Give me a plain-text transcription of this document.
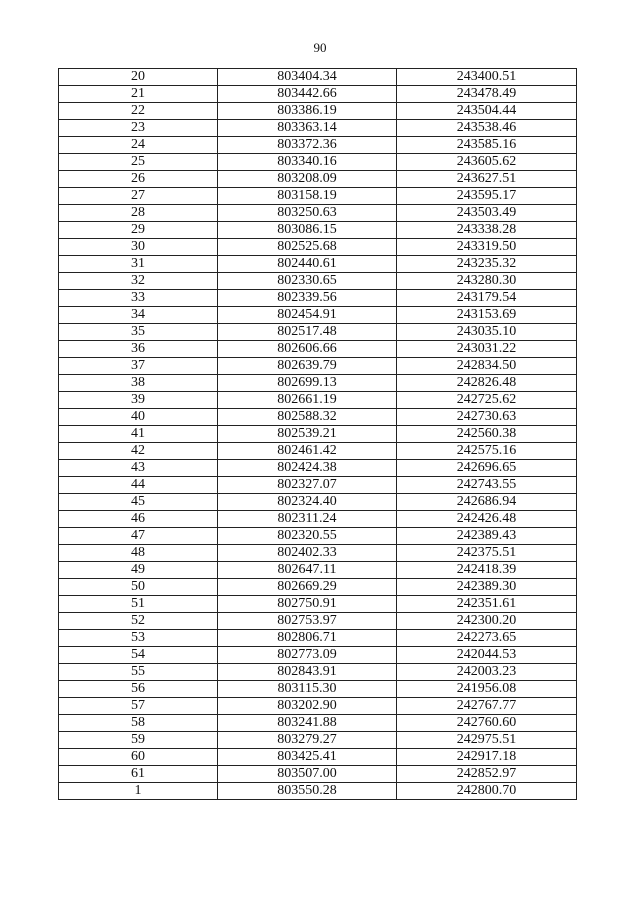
90
20	803404.34	243400.51
21	803442.66	243478.49
22	803386.19	243504.44
23	803363.14	243538.46
24	803372.36	243585.16
25	803340.16	243605.62
26	803208.09	243627.51
27	803158.19	243595.17
28	803250.63	243503.49
29	803086.15	243338.28
30	802525.68	243319.50
31	802440.61	243235.32
32	802330.65	243280.30
33	802339.56	243179.54
34	802454.91	243153.69
35	802517.48	243035.10
36	802606.66	243031.22
37	802639.79	242834.50
38	802699.13	242826.48
39	802661.19	242725.62
40	802588.32	242730.63
41	802539.21	242560.38
42	802461.42	242575.16
43	802424.38	242696.65
44	802327.07	242743.55
45	802324.40	242686.94
46	802311.24	242426.48
47	802320.55	242389.43
48	802402.33	242375.51
49	802647.11	242418.39
50	802669.29	242389.30
51	802750.91	242351.61
52	802753.97	242300.20
53	802806.71	242273.65
54	802773.09	242044.53
55	802843.91	242003.23
56	803115.30	241956.08
57	803202.90	242767.77
58	803241.88	242760.60
59	803279.27	242975.51
60	803425.41	242917.18
61	803507.00	242852.97
1	803550.28	242800.70
